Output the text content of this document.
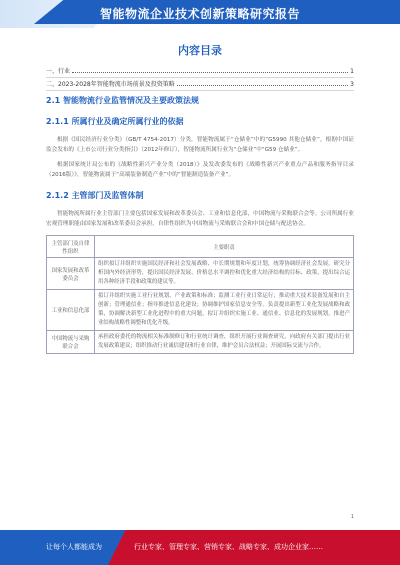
智能物流企业技术创新策略研究报告
内容目录
一、行业	1
二、2023-2028年智能物流市场前景及投资策略	3
2.1 智能物流行业监管情况及主要政策法规
2.1.1 所属行业及确定所属行业的依据

根据《国民经济行业分类》（GB/T 4754-2017）分类，智能物流属于“仓储业”中的“G5990 其他仓储业”，根据中国证监会发布的《上市公司行业分类指引》（2012年修订），智能物流所属行业为“仓储业”中“G59 仓储业”。

根据国家统计局公布的《战略性新兴产业分类（2018）》及发改委发布的《战略性新兴产业重点产品和服务指导目录（2016版）》，智能物流属于“高端装备制造产业”中的“智能制造装备产业”。

2.1.2 主管部门及监管体制

智能物流所属行业主管部门主要包括国家发展和改革委员会、工业和信息化部，中国物流与采购联合会等。公司所属行业宏观管理职能由国家发展和改革委员会承担，自律性组织为中国物流与采购联合会和中国仓储与配送协会。

主管部门及自律性组织	主要职责
国家发展和改革委员会	组织拟订并组织实施国民经济和社会发展战略、中长期规划和年度计划，统筹协调经济社会发展，研究分析国内外经济形势，提出国民经济发展、价格总水平调控和优化重大经济结构的目标、政策，提出综合运用各种经济手段和政策的建议等。
工业和信息化部	拟订并组织实施工业行业规划、产业政策和标准；监测工业行业日常运行；推动重大技术装备发展和自主创新；管理通信业；指导推进信息化建设；协调维护国家信息安全等。负责提出新型工业化发展战略和政策，协调解决新型工业化进程中的重大问题，拟订并组织实施工业、通信业、信息化的发展规划，推进产业结构战略性调整和优化升级。
中国物流与采购联合会	承担政府委托的物流相关标准制修订和行业统计调查，组织开展行业调查研究，向政府有关部门提出行业发展政策建议；组织推动行业诚信建设和行业自律，维护会员合法权益；开展国际交流与合作。
1
让每个人都能成为	行业专家、管理专家、营销专家、战略专家、成功企业家……
